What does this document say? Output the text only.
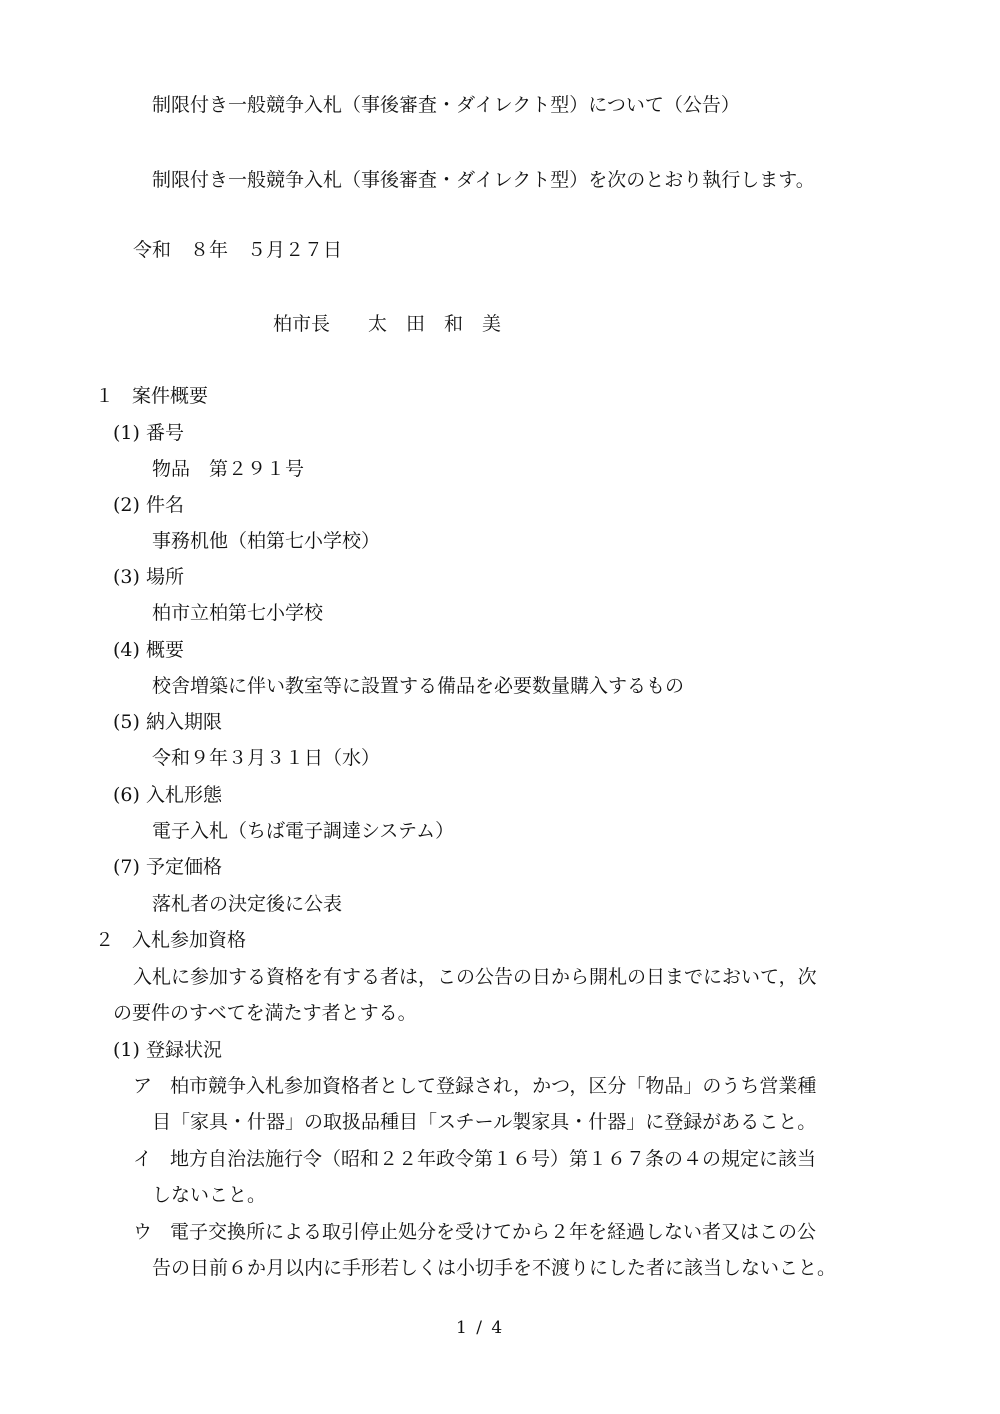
制限付き一般競争入札（事後審査・ダイレクト型）について（公告）
制限付き一般競争入札（事後審査・ダイレクト型）を次のとおり執行します。
令和　８年　５月２７日
柏市長　　太　田　和　美
１ 案件概要
(1) 番号
物品　第２９１号
(2) 件名
事務机他（柏第七小学校）
(3) 場所
柏市立柏第七小学校
(4) 概要
校舎増築に伴い教室等に設置する備品を必要数量購入するもの
(5) 納入期限
令和９年３月３１日（水）
(6) 入札形態
電子入札（ちば電子調達システム）
(7) 予定価格
落札者の決定後に公表
２ 入札参加資格
入札に参加する資格を有する者は，この公告の日から開札の日までにおいて，次
の要件のすべてを満たす者とする。
(1) 登録状況
ア 柏市競争入札参加資格者として登録され，かつ，区分「物品」のうち営業種
目「家具・什器」の取扱品種目「スチール製家具・什器」に登録があること。
イ 地方自治法施行令（昭和２２年政令第１６号）第１６７条の４の規定に該当
しないこと。
ウ 電子交換所による取引停止処分を受けてから２年を経過しない者又はこの公
告の日前６か月以内に手形若しくは小切手を不渡りにした者に該当しないこと。
1 / 4
